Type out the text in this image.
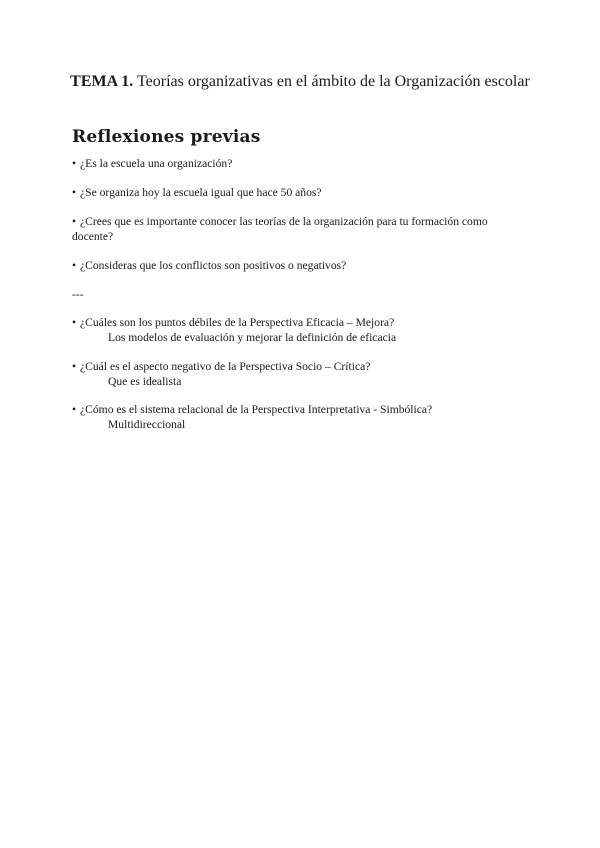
TEMA 1. Teorías organizativas en el ámbito de la Organización escolar
Reflexiones previas
• ¿Es la escuela una organización?
• ¿Se organiza hoy la escuela igual que hace 50 años?
• ¿Crees que es importante conocer las teorías de la organización para tu formación como docente?
• ¿Consideras que los conflictos son positivos o negativos?
---
• ¿Cuáles son los puntos débiles de la Perspectiva Eficacia – Mejora?
Los modelos de evaluación y mejorar la definición de eficacia
• ¿Cuál es el aspecto negativo de la Perspectiva Socio – Crítica?
Que es idealista
• ¿Cómo es el sistema relacional de la Perspectiva Interpretativa - Simbólica?
Multidireccional
